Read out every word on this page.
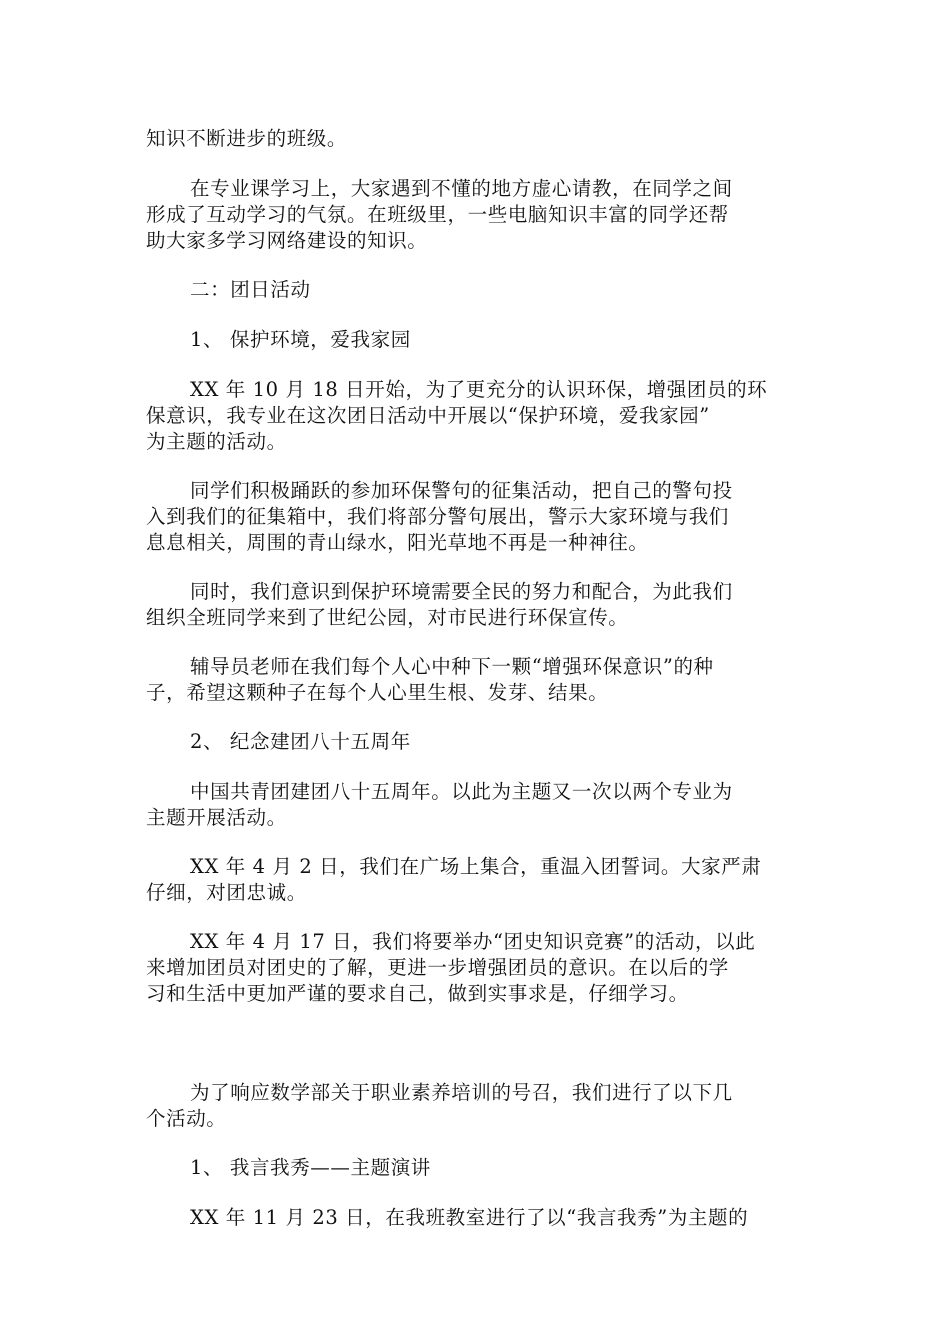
知识不断进步的班级。
在专业课学习上，大家遇到不懂的地方虚心请教，在同学之间
形成了互动学习的气氛。在班级里，一些电脑知识丰富的同学还帮
助大家多学习网络建设的知识。
二：团日活动
1、 保护环境，爱我家园
XX 年 10 月 18 日开始，为了更充分的认识环保，增强团员的环
保意识，我专业在这次团日活动中开展以“保护环境，爱我家园”
为主题的活动。
同学们积极踊跃的参加环保警句的征集活动，把自己的警句投
入到我们的征集箱中，我们将部分警句展出，警示大家环境与我们
息息相关，周围的青山绿水，阳光草地不再是一种神往。
同时，我们意识到保护环境需要全民的努力和配合，为此我们
组织全班同学来到了世纪公园，对市民进行环保宣传。
辅导员老师在我们每个人心中种下一颗“增强环保意识”的种
子，希望这颗种子在每个人心里生根、发芽、结果。
2、 纪念建团八十五周年
中国共青团建团八十五周年。以此为主题又一次以两个专业为
主题开展活动。
XX 年 4 月 2 日，我们在广场上集合，重温入团誓词。大家严肃
仔细，对团忠诚。
XX 年 4 月 17 日，我们将要举办“团史知识竞赛”的活动，以此
来增加团员对团史的了解，更进一步增强团员的意识。在以后的学
习和生活中更加严谨的要求自己，做到实事求是，仔细学习。
为了响应数学部关于职业素养培训的号召，我们进行了以下几
个活动。
1、 我言我秀——主题演讲
XX 年 11 月 23 日，在我班教室进行了以“我言我秀”为主题的
